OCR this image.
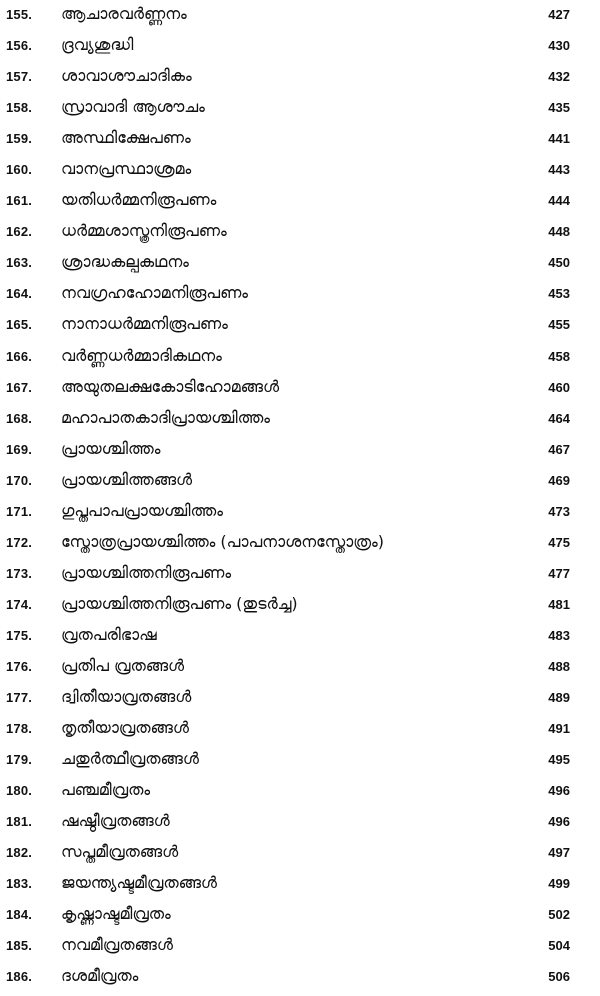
155. ആചാരവർണ്ണനം	427
156. ദ്രവ്യശുദ്ധി	430
157. ശാവാശൗചാദികം	432
158. സ്രാവാദി ആശൗചം	435
159. അസ്ഥിക്ഷേപണം	441
160. വാനപ്രസ്ഥാശ്രമം	443
161. യതിധർമ്മനിരൂപണം	444
162. ധർമ്മശാസ്ത്രനിരൂപണം	448
163. ശ്രാദ്ധകല്പകഥനം	450
164. നവഗ്രഹഹോമനിരൂപണം	453
165. നാനാധർമ്മനിരൂപണം	455
166. വർണ്ണധർമ്മാദികഥനം	458
167. അയുതലക്ഷകോടിഹോമങ്ങൾ	460
168. മഹാപാതകാദിപ്രായശ്ചിത്തം	464
169. പ്രായശ്ചിത്തം	467
170. പ്രായശ്ചിത്തങ്ങൾ	469
171. ഗുപ്തപാപപ്രായശ്ചിത്തം	473
172. സ്തോത്രപ്രായശ്ചിത്തം (പാപനാശനസ്തോത്രം)	475
173. പ്രായശ്ചിത്തനിരൂപണം	477
174. പ്രായശ്ചിത്തനിരൂപണം (തുടർച്ച)	481
175. വ്രതപരിഭാഷ	483
176. പ്രതിപ വ്രതങ്ങൾ	488
177. ദ്വിതീയാവ്രതങ്ങൾ	489
178. തൃതീയാവ്രതങ്ങൾ	491
179. ചതുർത്ഥീവ്രതങ്ങൾ	495
180. പഞ്ചമീവ്രതം	496
181. ഷഷ്ഠീവ്രതങ്ങൾ	496
182. സപ്തമീവ്രതങ്ങൾ	497
183. ജയന്ത്യഷ്ടമീവ്രതങ്ങൾ	499
184. കൃഷ്ണാഷ്ടമീവ്രതം	502
185. നവമീവ്രതങ്ങൾ	504
186. ദശമീവ്രതം	506
